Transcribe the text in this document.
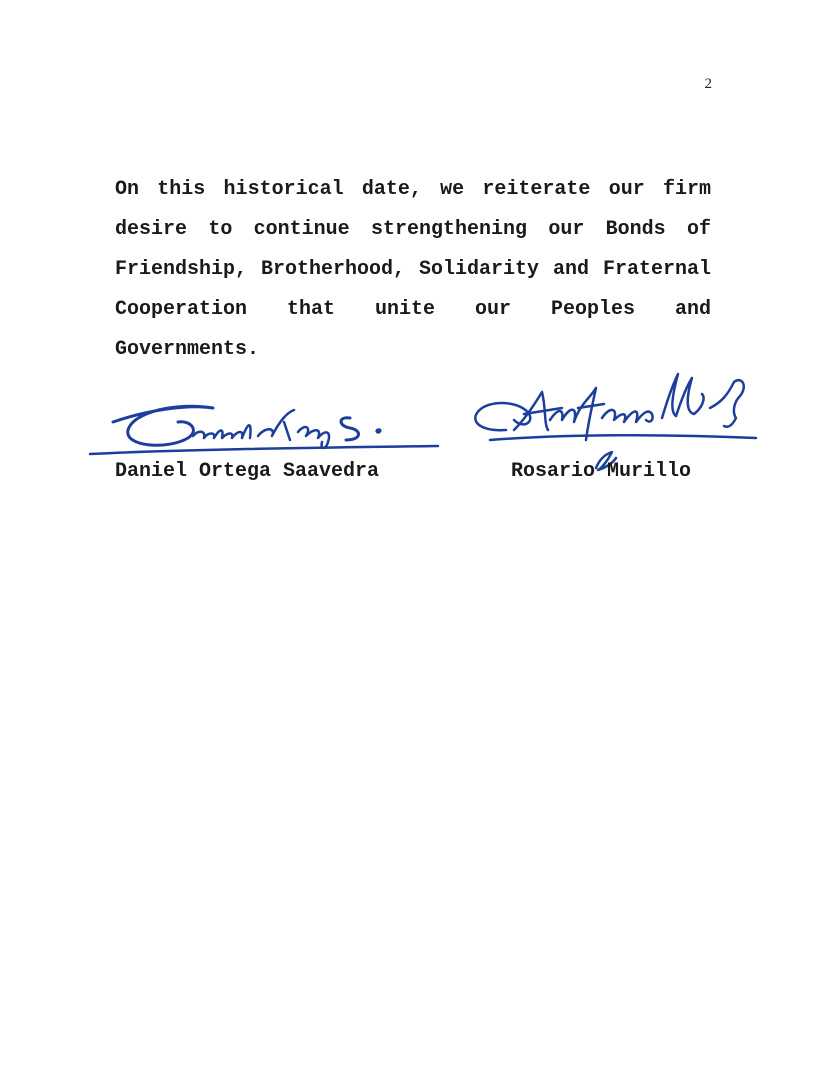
2

On this historical date, we reiterate our firm desire to continue strengthening our Bonds of Friendship, Brotherhood, Solidarity and Fraternal Cooperation that unite our Peoples and Governments.

Daniel Ortega Saavedra	Rosario Murillo
